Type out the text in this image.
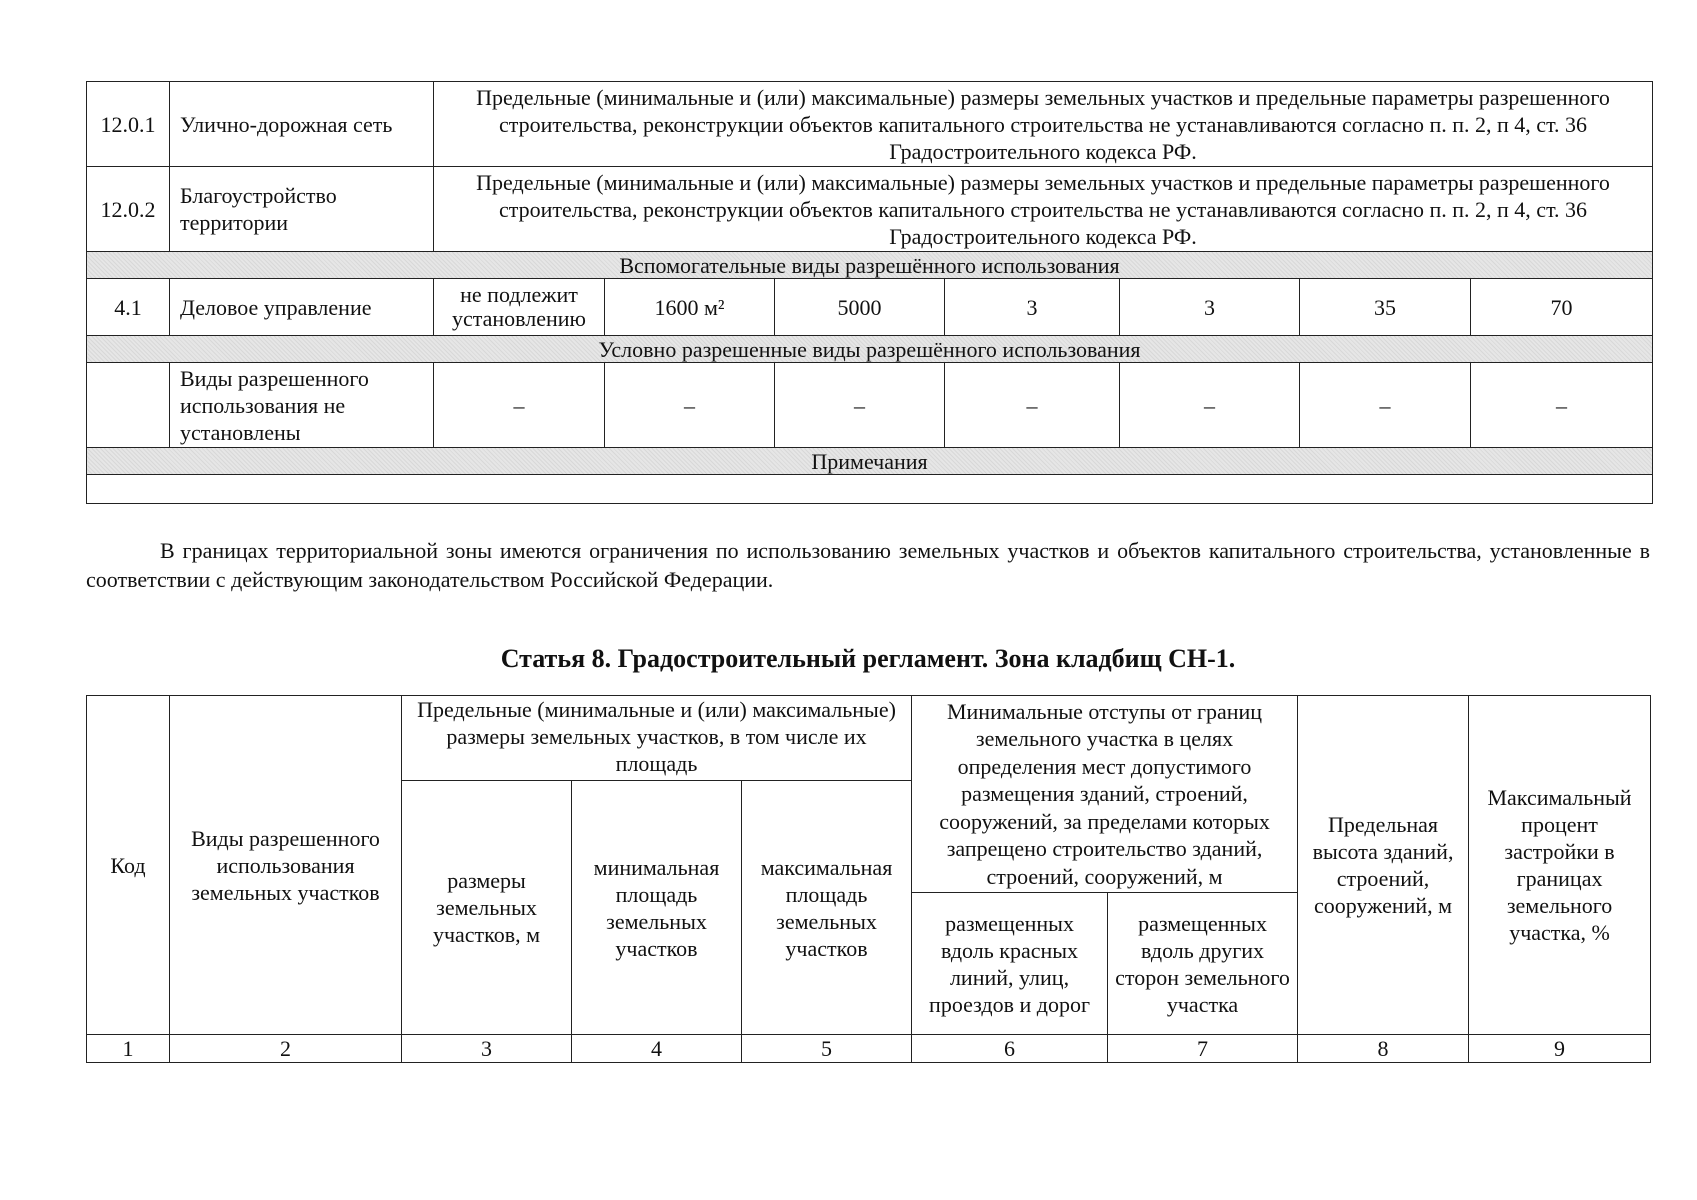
12.0.1	Улично-дорожная сеть	Предельные (минимальные и (или) максимальные) размеры земельных участков и предельные параметры разрешенного строительства, реконструкции объектов капитального строительства не устанавливаются согласно п. п. 2, п 4, ст. 36 Градостроительного кодекса РФ.						
12.0.2	Благоустройство территории	Предельные (минимальные и (или) максимальные) размеры земельных участков и предельные параметры разрешенного строительства, реконструкции объектов капитального строительства не устанавливаются согласно п. п. 2, п 4, ст. 36 Градостроительного кодекса РФ.						
Вспомогательные виды разрешённого использования								
4.1	Деловое управление	не подлежит установлению	1600 м²	5000	3	3	35	70
Условно разрешенные виды разрешённого использования								
	Виды разрешенного использования не установлены	–	–	–	–	–	–	–
Примечания								

В границах территориальной зоны имеются ограничения по использованию земельных участков и объектов капитального строительства, установленные в соответствии с действующим законодательством Российской Федерации.
Статья 8. Градостроительный регламент. Зона кладбищ СН-1.
Код	Виды разрешенного использования земельных участков	Предельные (минимальные и (или) максимальные) размеры земельных участков, в том числе их площадь			Минимальные отступы от границ земельного участка в целях определения мест допустимого размещения зданий, строений, сооружений, за пределами которых запрещено строительство зданий, строений, сооружений, м		Предельная высота зданий, строений, сооружений, м	Максимальный процент застройки в границах земельного участка, %
		размеры земельных участков, м	минимальная площадь земельных участков	максимальная площадь земельных участков				
					размещенных вдоль красных линий, улиц, проездов и дорог	размещенных вдоль других сторон земельного участка		
1	2	3	4	5	6	7	8	9
